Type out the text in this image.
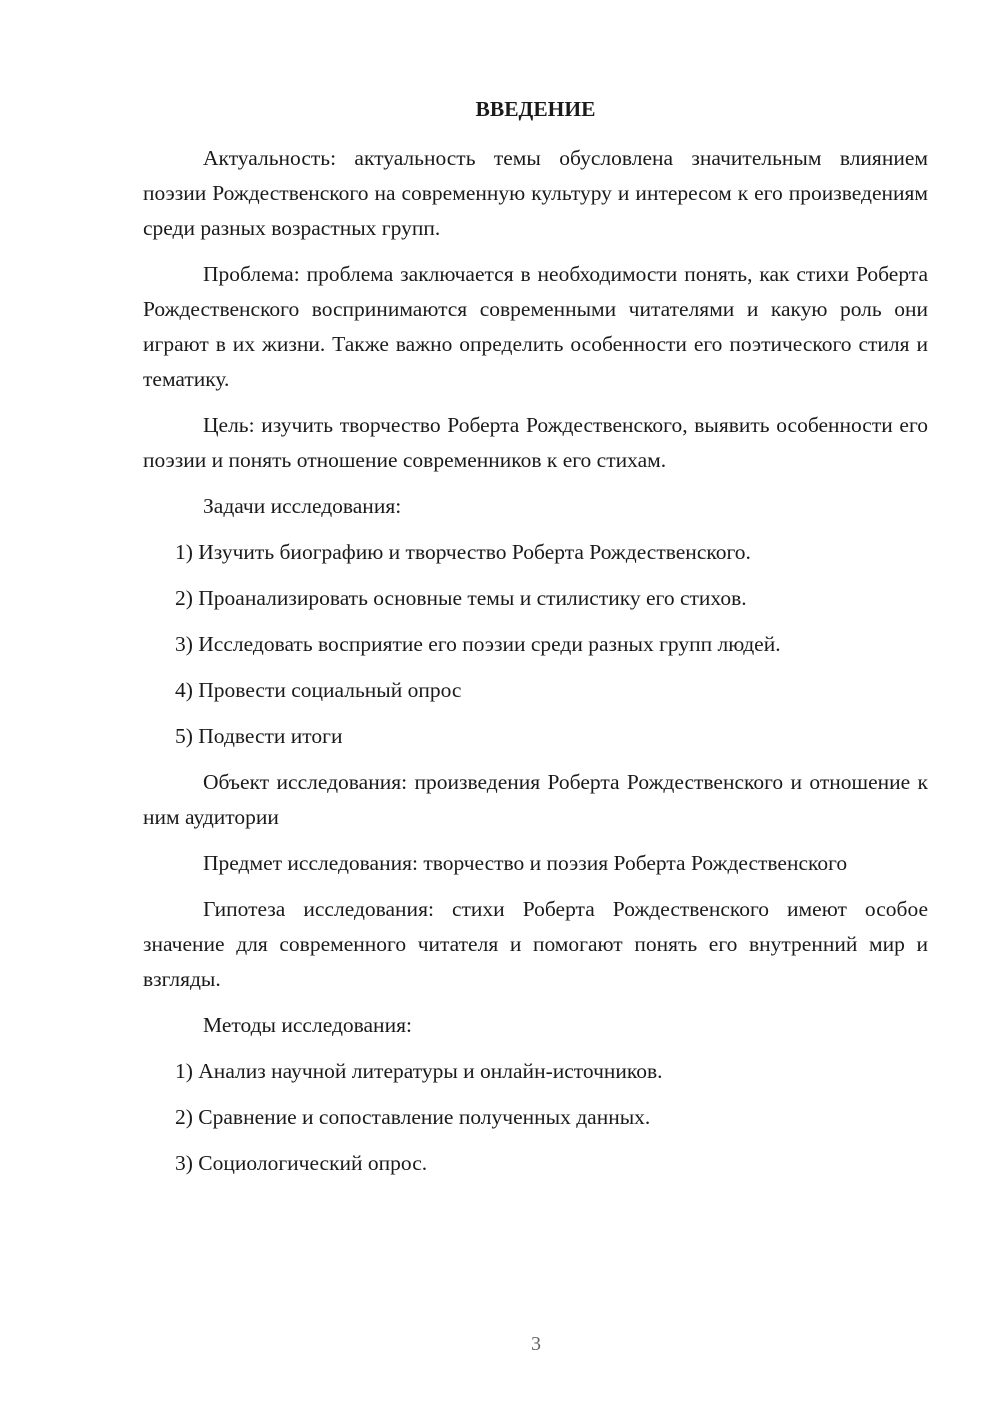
ВВЕДЕНИЕ

Актуальность: актуальность темы обусловлена значительным влиянием поэзии Рождественского на современную культуру и интересом к его произведениям среди разных возрастных групп.

Проблема: проблема заключается в необходимости понять, как стихи Роберта Рождественского воспринимаются современными читателями и какую роль они играют в их жизни. Также важно определить особенности его поэтического стиля и тематику.

Цель: изучить творчество Роберта Рождественского, выявить особенности его поэзии и понять отношение современников к его стихам.

Задачи исследования:

1) Изучить биографию и творчество Роберта Рождественского.

2) Проанализировать основные темы и стилистику его стихов.

3) Исследовать восприятие его поэзии среди разных групп людей.

4) Провести социальный опрос

5) Подвести итоги

Объект исследования: произведения Роберта Рождественского и отношение к ним аудитории

Предмет исследования: творчество и поэзия Роберта Рождественского

Гипотеза исследования: стихи Роберта Рождественского имеют особое значение для современного читателя и помогают понять его внутренний мир и взгляды.

Методы исследования:

1) Анализ научной литературы и онлайн-источников.

2) Сравнение и сопоставление полученных данных.

3) Социологический опрос.

3
